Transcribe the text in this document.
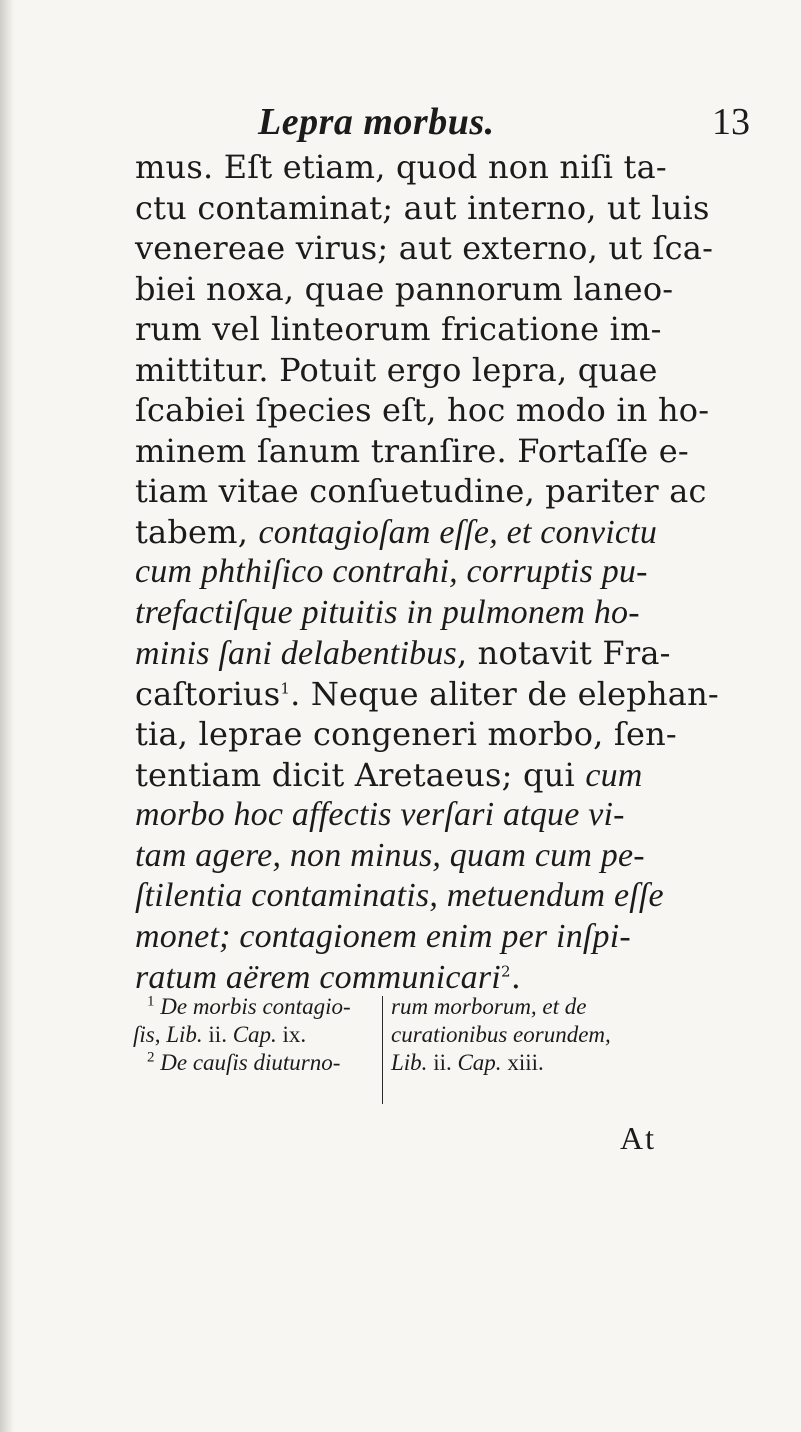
Lepra morbus.	13
mus. Eſt etiam, quod non niſi ta-
ctu contaminat; aut interno, ut luis
venereae virus; aut externo, ut ſca-
biei noxa, quae pannorum laneo-
rum vel linteorum fricatione im-
mittitur. Potuit ergo lepra, quae
ſcabiei ſpecies eſt, hoc modo in ho-
minem ſanum tranſire. Fortaſſe e-
tiam vitae conſuetudine, pariter ac
tabem, contagioſam eſſe, et convictu
cum phthiſico contrahi, corruptis pu-
trefactiſque pituitis in pulmonem ho-
minis ſani delabentibus, notavit Fra-
caſtorius$^1$. Neque aliter de elephan-
tia, leprae congeneri morbo, ſen-
tentiam dicit Aretaeus; qui cum
morbo hoc affectis verſari atque vi-
tam agere, non minus, quam cum pe-
ſtilentia contaminatis, metuendum eſſe
monet; contagionem enim per inſpi-
ratum aërem communicari$^2$.
$^1$ De morbis contagio-
ſis, Lib. ii. Cap. ix.
$^2$ De cauſis diuturno-
rum morborum, et de
curationibus eorundem,
Lib. ii. Cap. xiii.
At
